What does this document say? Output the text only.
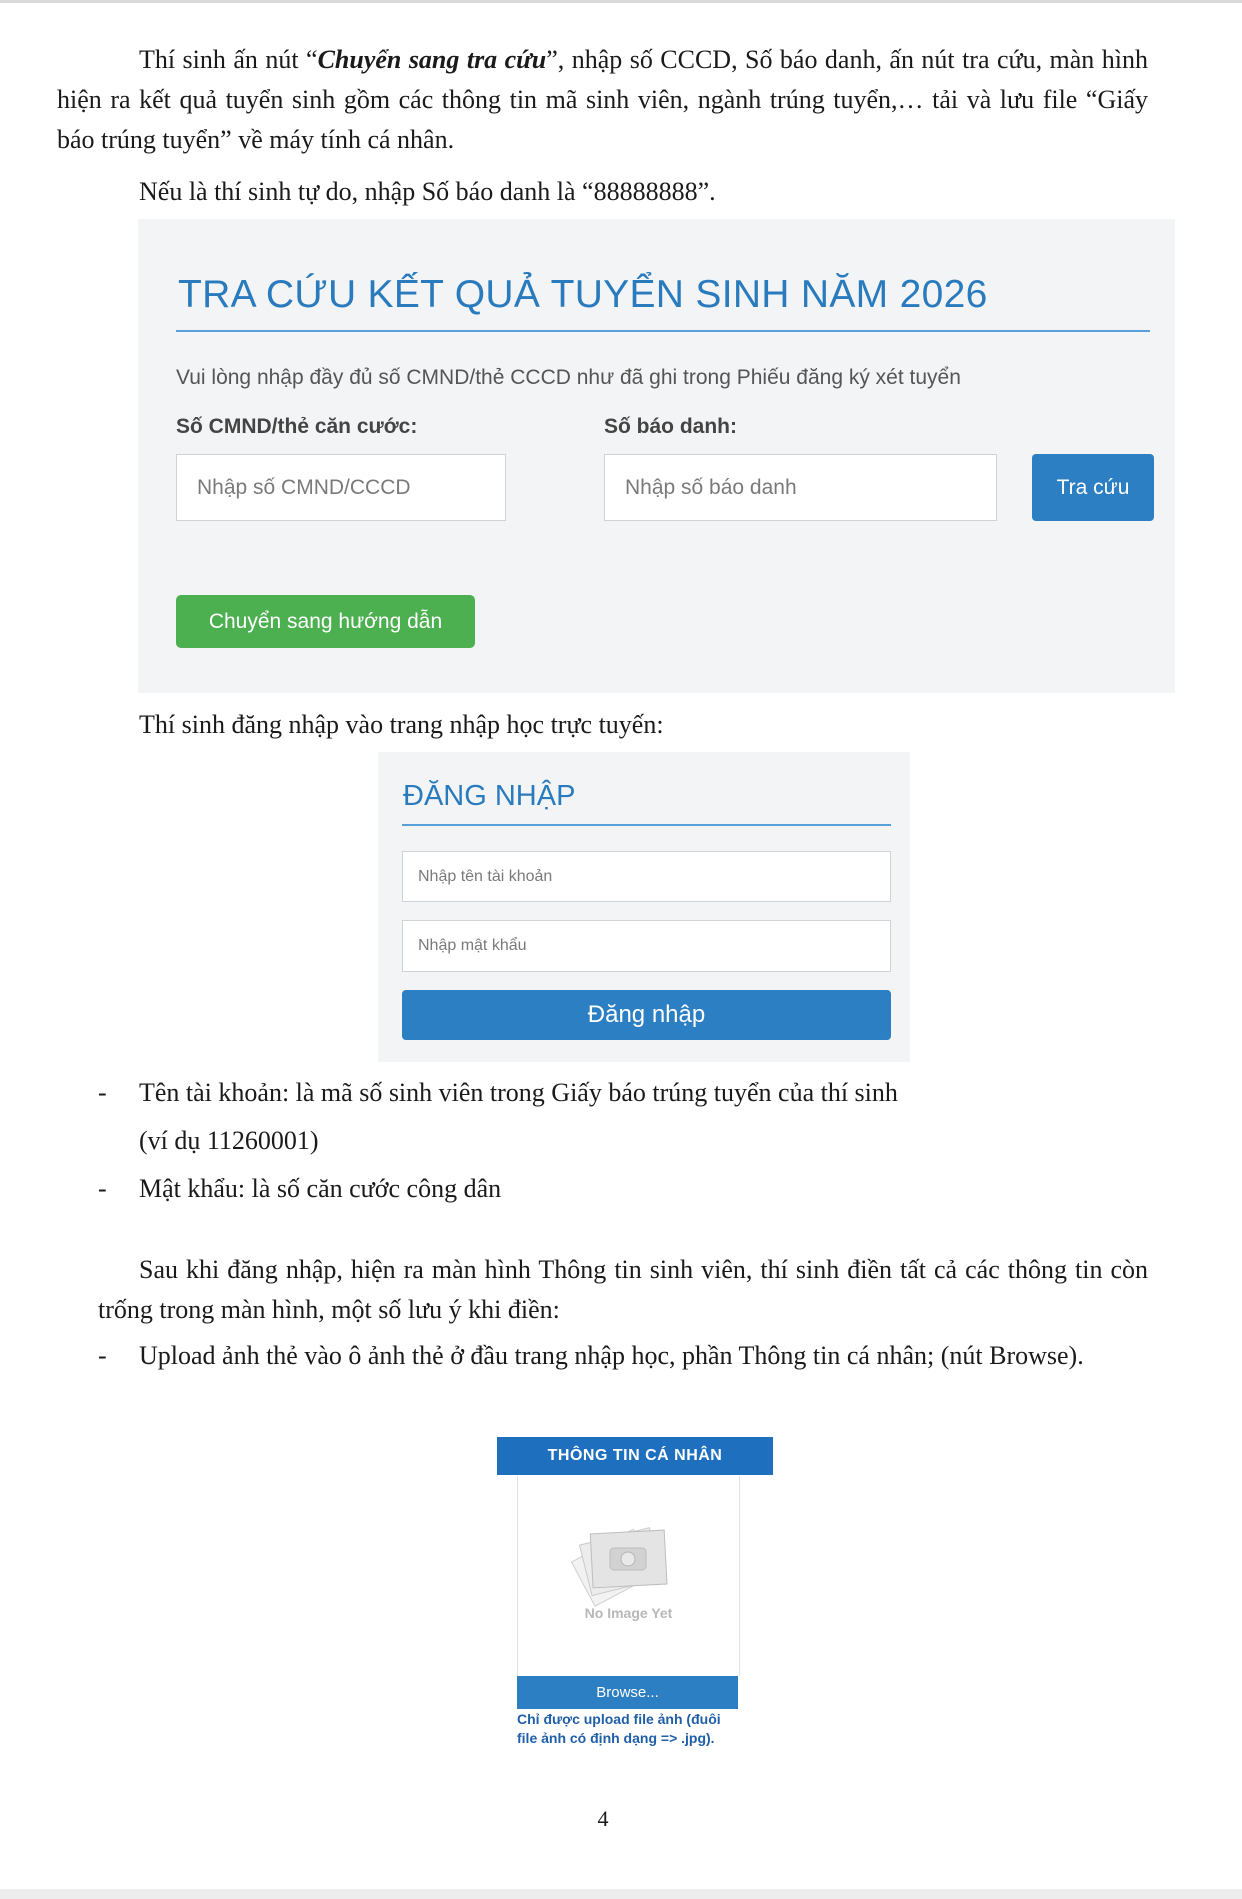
Thí sinh ấn nút “Chuyển sang tra cứu”, nhập số CCCD, Số báo danh, ấn nút tra cứu, màn hình hiện ra kết quả tuyển sinh gồm các thông tin mã sinh viên, ngành trúng tuyển,… tải và lưu file “Giấy báo trúng tuyển” về máy tính cá nhân.

Nếu là thí sinh tự do, nhập Số báo danh là “88888888”.

TRA CỨU KẾT QUẢ TUYỂN SINH NĂM 2026
Vui lòng nhập đầy đủ số CMND/thẻ CCCD như đã ghi trong Phiếu đăng ký xét tuyển
Số CMND/thẻ căn cước:	Số báo danh:
Nhập số CMND/CCCD	Nhập số báo danh	Tra cứu
Chuyển sang hướng dẫn

Thí sinh đăng nhập vào trang nhập học trực tuyến:

ĐĂNG NHẬP
Nhập tên tài khoản
Nhập mật khẩu
Đăng nhập
- Tên tài khoản: là mã số sinh viên trong Giấy báo trúng tuyển của thí sinh
(ví dụ 11260001)
- Mật khẩu: là số căn cước công dân

Sau khi đăng nhập, hiện ra màn hình Thông tin sinh viên, thí sinh điền tất cả các thông tin còn trống trong màn hình, một số lưu ý khi điền:

-	Upload ảnh thẻ vào ô ảnh thẻ ở đầu trang nhập học, phần Thông tin cá nhân; (nút Browse).

THÔNG TIN CÁ NHÂN
No Image Yet
Browse...
Chỉ được upload file ảnh (đuôi file ảnh có định dạng => .jpg).
4
